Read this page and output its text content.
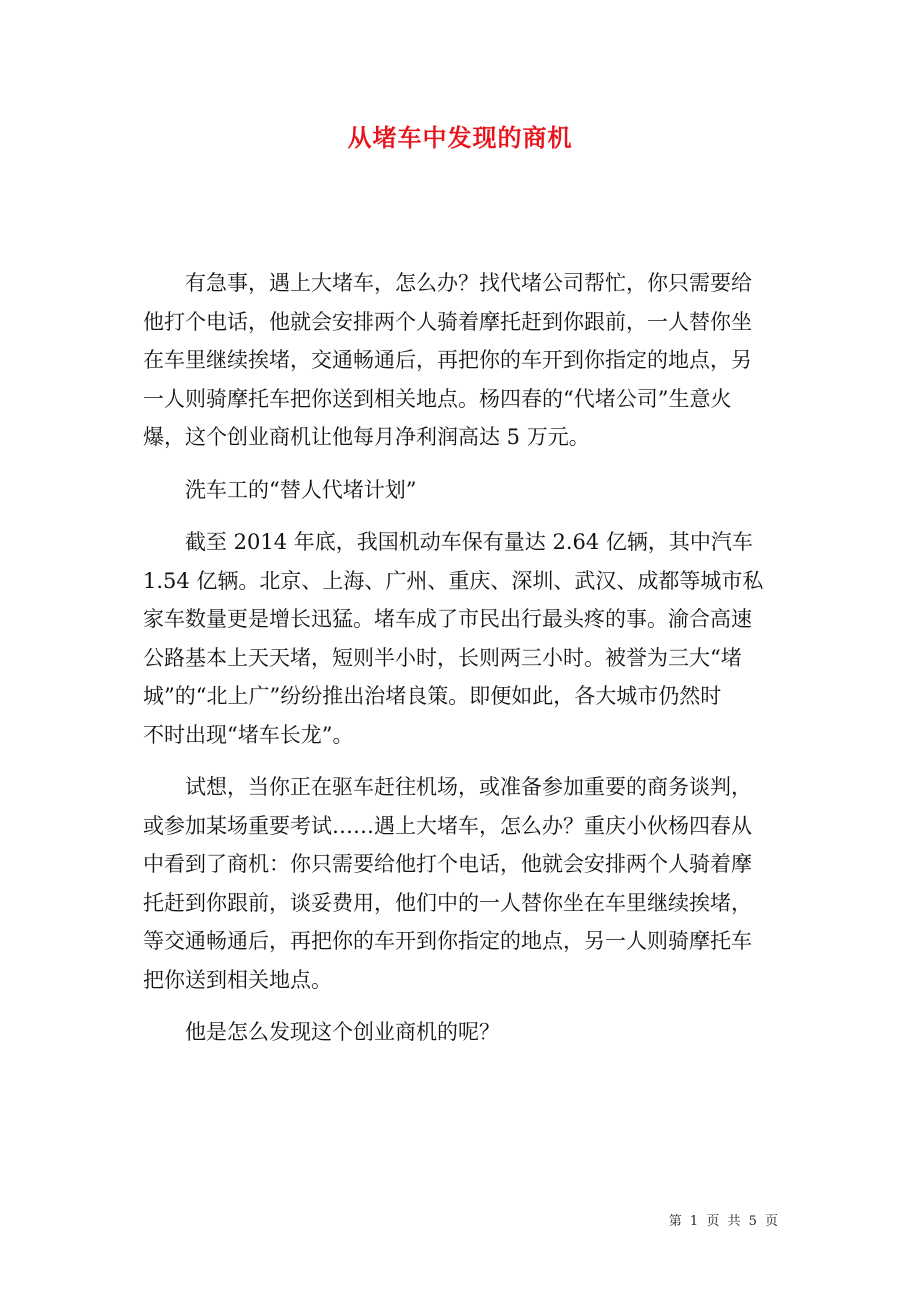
从堵车中发现的商机

有急事，遇上大堵车，怎么办？找代堵公司帮忙，你只需要给
他打个电话，他就会安排两个人骑着摩托赶到你跟前，一人替你坐
在车里继续挨堵，交通畅通后，再把你的车开到你指定的地点，另
一人则骑摩托车把你送到相关地点。杨四春的“代堵公司”生意火
爆，这个创业商机让他每月净利润高达 5 万元。

洗车工的“替人代堵计划”

截至 2014 年底，我国机动车保有量达 2.64 亿辆，其中汽车
1.54 亿辆。北京、上海、广州、重庆、深圳、武汉、成都等城市私
家车数量更是增长迅猛。堵车成了市民出行最头疼的事。渝合高速
公路基本上天天堵，短则半小时，长则两三小时。被誉为三大“堵
城”的“北上广”纷纷推出治堵良策。即便如此，各大城市仍然时
不时出现“堵车长龙”。

试想，当你正在驱车赶往机场，或准备参加重要的商务谈判，
或参加某场重要考试……遇上大堵车，怎么办？重庆小伙杨四春从
中看到了商机：你只需要给他打个电话，他就会安排两个人骑着摩
托赶到你跟前，谈妥费用，他们中的一人替你坐在车里继续挨堵，
等交通畅通后，再把你的车开到你指定的地点，另一人则骑摩托车
把你送到相关地点。

他是怎么发现这个创业商机的呢？

第 1 页 共 5 页
